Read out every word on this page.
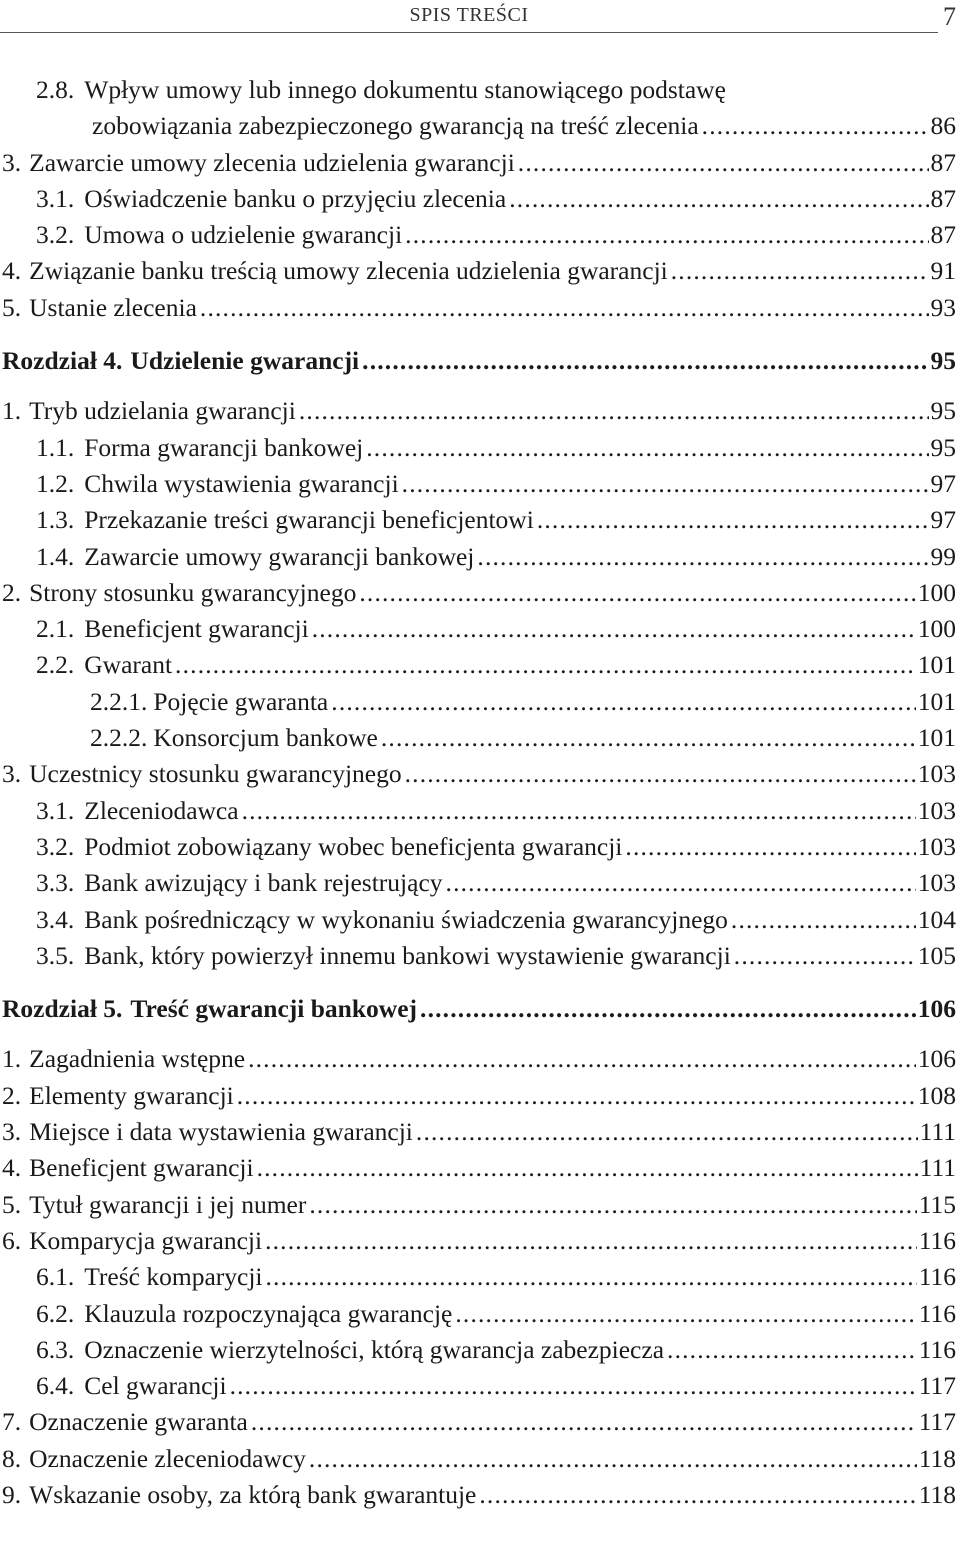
SPIS TREŚCI	7
2.8. Wpływ umowy lub innego dokumentu stanowiącego podstawę
zobowiązania zabezpieczonego gwarancją na treść zlecenia . . .	86
3. Zawarcie umowy zlecenia udzielenia gwarancji . . .	87
3.1. Oświadczenie banku o przyjęciu zlecenia . . .	87
3.2. Umowa o udzielenie gwarancji . . .	87
4. Związanie banku treścią umowy zlecenia udzielenia gwarancji . . .	91
5. Ustanie zlecenia . . .	93
Rozdział 4. Udzielenie gwarancji . . .	95
1. Tryb udzielania gwarancji . . .	95
1.1. Forma gwarancji bankowej . . .	95
1.2. Chwila wystawienia gwarancji . . .	97
1.3. Przekazanie treści gwarancji beneficjentowi . . .	97
1.4. Zawarcie umowy gwarancji bankowej . . .	99
2. Strony stosunku gwarancyjnego . . .	100
2.1. Beneficjent gwarancji . . .	100
2.2. Gwarant . . .	101
2.2.1. Pojęcie gwaranta . . .	101
2.2.2. Konsorcjum bankowe . . .	101
3. Uczestnicy stosunku gwarancyjnego . . .	103
3.1. Zleceniodawca . . .	103
3.2. Podmiot zobowiązany wobec beneficjenta gwarancji . . .	103
3.3. Bank awizujący i bank rejestrujący . . .	103
3.4. Bank pośredniczący w wykonaniu świadczenia gwarancyjnego . . .	104
3.5. Bank, który powierzył innemu bankowi wystawienie gwarancji . . .	105
Rozdział 5. Treść gwarancji bankowej . . .	106
1. Zagadnienia wstępne . . .	106
2. Elementy gwarancji . . .	108
3. Miejsce i data wystawienia gwarancji . . .	111
4. Beneficjent gwarancji . . .	111
5. Tytuł gwarancji i jej numer . . .	115
6. Komparycja gwarancji . . .	116
6.1. Treść komparycji . . .	116
6.2. Klauzula rozpoczynająca gwarancję . . .	116
6.3. Oznaczenie wierzytelności, którą gwarancja zabezpiecza . . .	116
6.4. Cel gwarancji . . .	117
7. Oznaczenie gwaranta . . .	117
8. Oznaczenie zleceniodawcy . . .	118
9. Wskazanie osoby, za którą bank gwarantuje . . .	118
